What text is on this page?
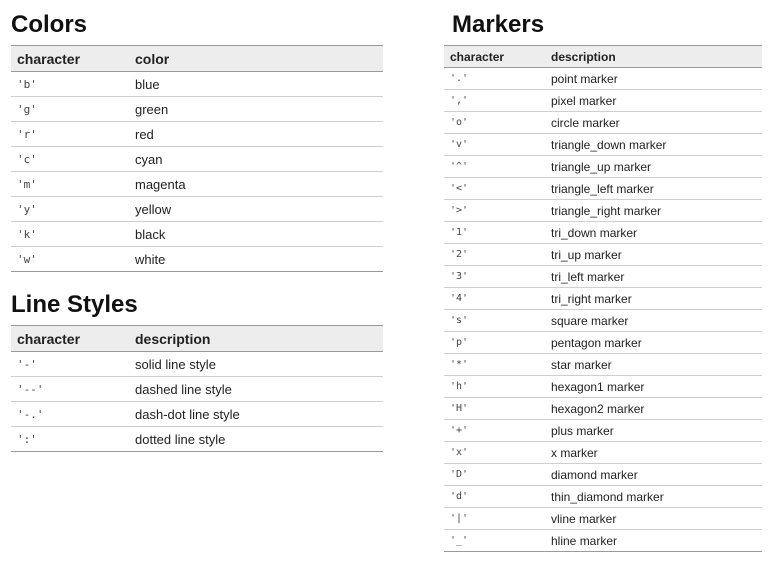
Colors
character	color
'b'	blue
'g'	green
'r'	red
'c'	cyan
'm'	magenta
'y'	yellow
'k'	black
'w'	white
Line Styles
character	description
'-'	solid line style
'--'	dashed line style
'-.'	dash-dot line style
':'	dotted line style
Markers
character	description
'.'	point marker
','	pixel marker
'o'	circle marker
'v'	triangle_down marker
'^'	triangle_up marker
'<'	triangle_left marker
'>'	triangle_right marker
'1'	tri_down marker
'2'	tri_up marker
'3'	tri_left marker
'4'	tri_right marker
's'	square marker
'p'	pentagon marker
'*'	star marker
'h'	hexagon1 marker
'H'	hexagon2 marker
'+'	plus marker
'x'	x marker
'D'	diamond marker
'd'	thin_diamond marker
'|'	vline marker
'_'	hline marker
